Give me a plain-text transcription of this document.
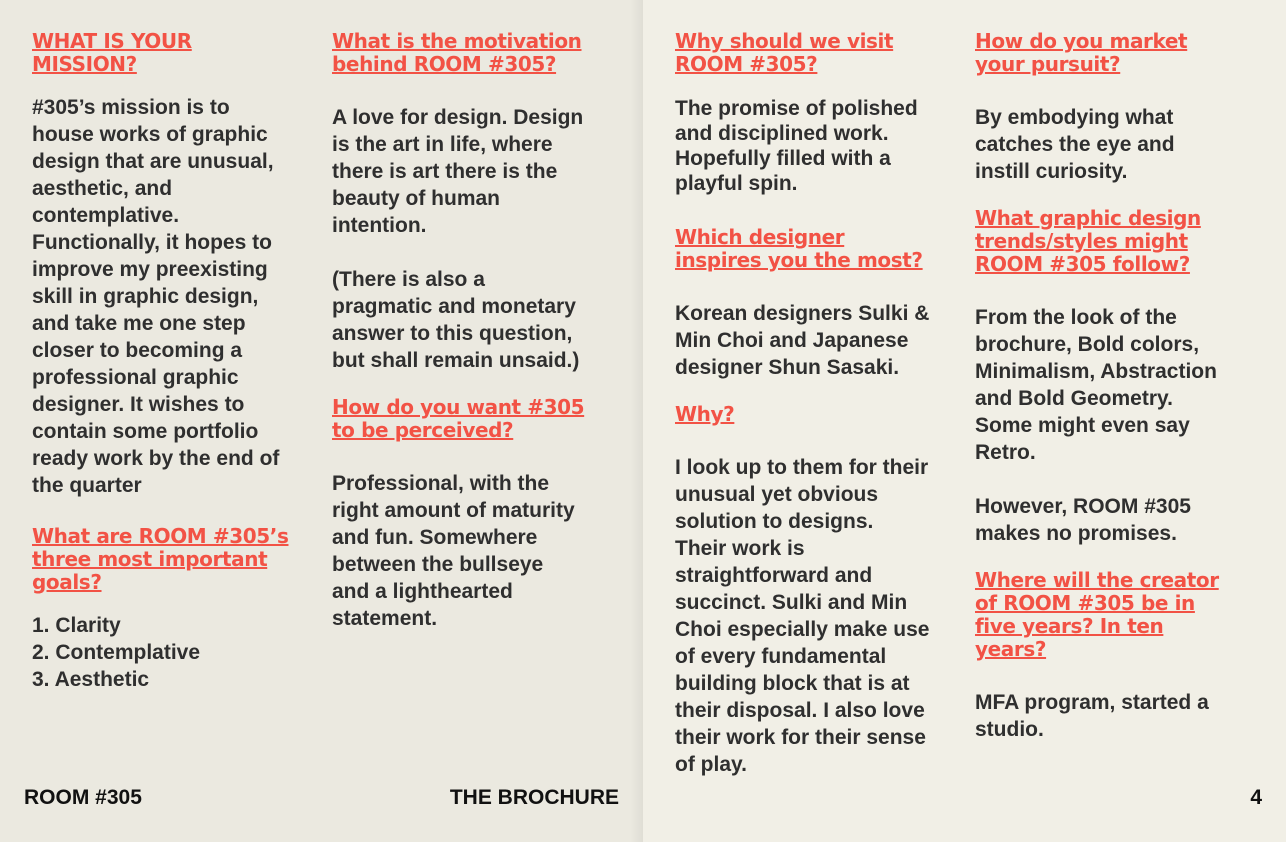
WHAT IS YOUR
MISSION?

#305’s mission is to
house works of graphic
design that are unusual,
aesthetic, and
contemplative.
Functionally, it hopes to
improve my preexisting
skill in graphic design,
and take me one step
closer to becoming a
professional graphic
designer. It wishes to
contain some portfolio
ready work by the end of
the quarter

What are ROOM #305’s
three most important
goals?

1. Clarity
2. Contemplative
3. Aesthetic

What is the motivation
behind ROOM #305?

A love for design. Design
is the art in life, where
there is art there is the
beauty of human
intention.

(There is also a
pragmatic and monetary
answer to this question,
but shall remain unsaid.)

How do you want #305
to be perceived?

Professional, with the
right amount of maturity
and fun. Somewhere
between the bullseye
and a lighthearted
statement.

ROOM #305	THE BROCHURE

Why should we visit
ROOM #305?

The promise of polished
and disciplined work.
Hopefully filled with a
playful spin.

Which designer
inspires you the most?

Korean designers Sulki &
Min Choi and Japanese
designer Shun Sasaki.

Why?

I look up to them for their
unusual yet obvious
solution to designs.
Their work is
straightforward and
succinct. Sulki and Min
Choi especially make use
of every fundamental
building block that is at
their disposal. I also love
their work for their sense
of play.

How do you market
your pursuit?

By embodying what
catches the eye and
instill curiosity.

What graphic design
trends/styles might
ROOM #305 follow?

From the look of the
brochure, Bold colors,
Minimalism, Abstraction
and Bold Geometry.
Some might even say
Retro.

However, ROOM #305
makes no promises.

Where will the creator
of ROOM #305 be in
five years? In ten
years?

MFA program, started a
studio.

4
